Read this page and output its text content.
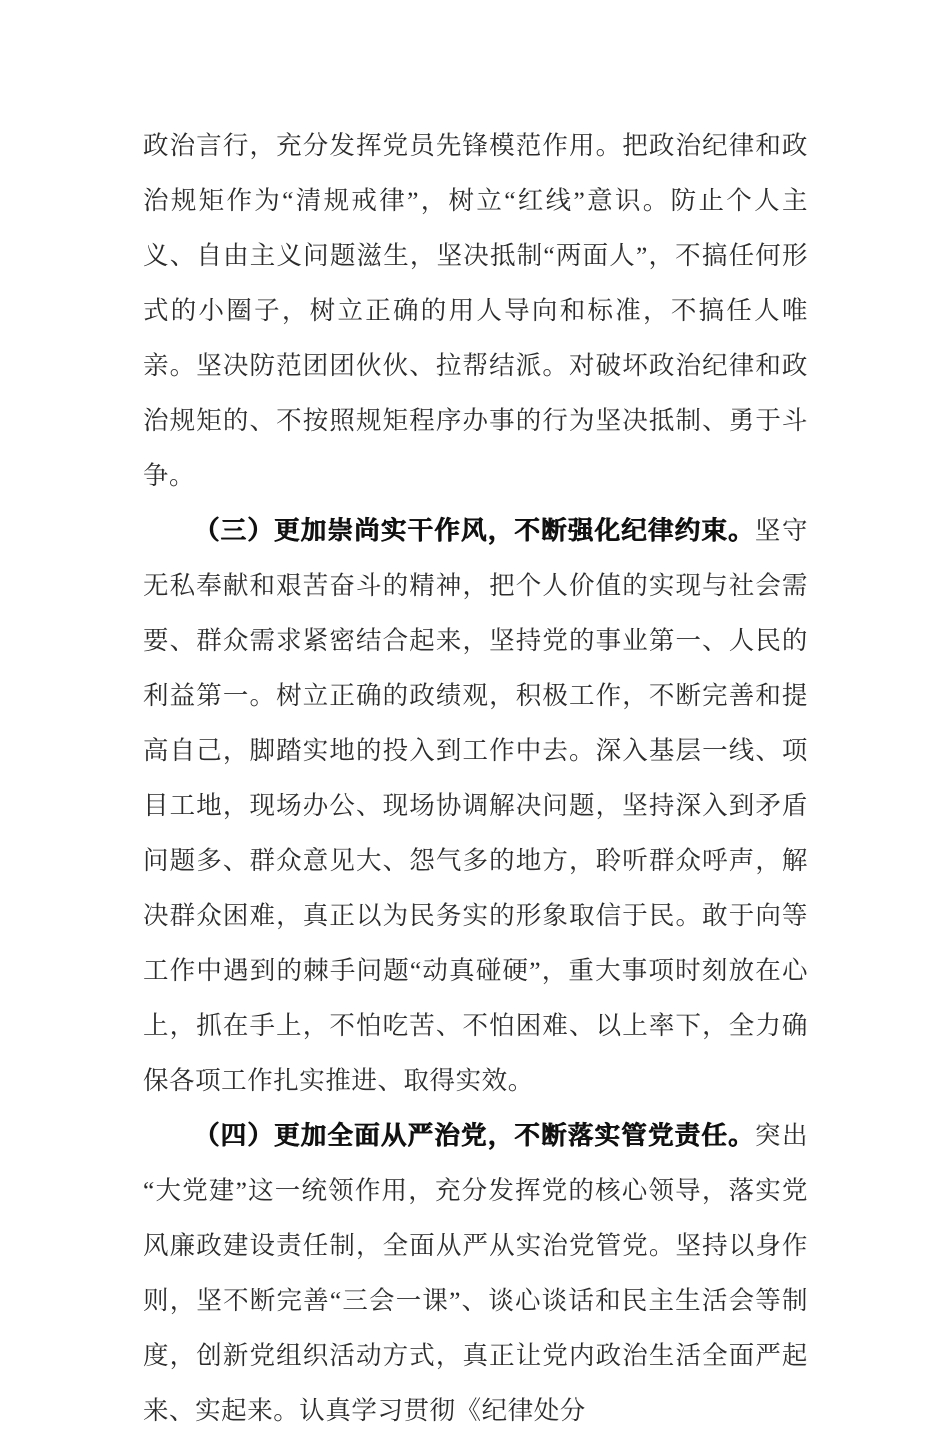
政治言行，充分发挥党员先锋模范作用。把政治纪律和政治规矩作为“清规戒律”，树立“红线”意识。防止个人主义、自由主义问题滋生，坚决抵制“两面人”，不搞任何形式的小圈子，树立正确的用人导向和标准，不搞任人唯亲。坚决防范团团伙伙、拉帮结派。对破坏政治纪律和政治规矩的、不按照规矩程序办事的行为坚决抵制、勇于斗争。

（三）更加崇尚实干作风，不断强化纪律约束。坚守无私奉献和艰苦奋斗的精神，把个人价值的实现与社会需要、群众需求紧密结合起来，坚持党的事业第一、人民的利益第一。树立正确的政绩观，积极工作，不断完善和提高自己，脚踏实地的投入到工作中去。深入基层一线、项目工地，现场办公、现场协调解决问题，坚持深入到矛盾问题多、群众意见大、怨气多的地方，聆听群众呼声，解决群众困难，真正以为民务实的形象取信于民。敢于向等工作中遇到的棘手问题“动真碰硬”，重大事项时刻放在心上，抓在手上，不怕吃苦、不怕困难、以上率下，全力确保各项工作扎实推进、取得实效。

（四）更加全面从严治党，不断落实管党责任。突出“大党建”这一统领作用，充分发挥党的核心领导，落实党风廉政建设责任制，全面从严从实治党管党。坚持以身作则，坚不断完善“三会一课”、谈心谈话和民主生活会等制度，创新党组织活动方式，真正让党内政治生活全面严起来、实起来。认真学习贯彻《纪律处分
